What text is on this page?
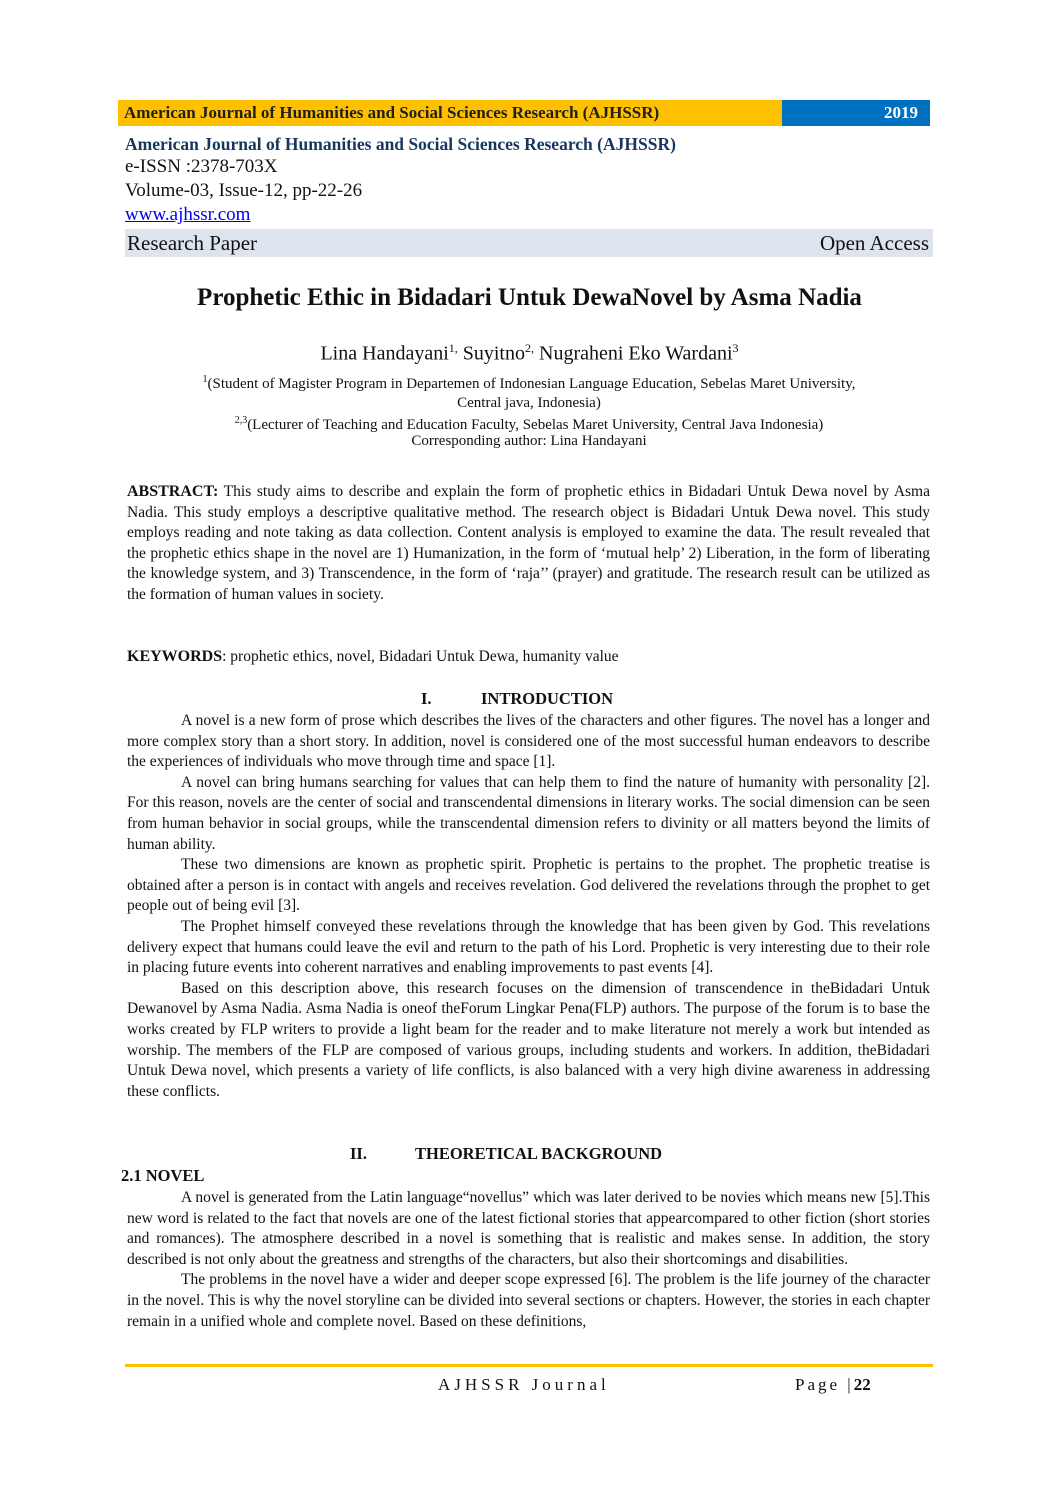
American Journal of Humanities and Social Sciences Research (AJHSSR)	2019
American Journal of Humanities and Social Sciences Research (AJHSSR)
e-ISSN :2378-703X
Volume-03, Issue-12, pp-22-26
www.ajhssr.com
Research Paper	Open Access
Prophetic Ethic in Bidadari Untuk DewaNovel by Asma Nadia
Lina Handayani$^{1,}$ Suyitno$^{2,}$ Nugraheni Eko Wardani$^3$
$^1$(Student of Magister Program in Departemen of Indonesian Language Education, Sebelas Maret University,
Central java, Indonesia)
$^{2,3}$(Lecturer of Teaching and Education Faculty, Sebelas Maret University, Central Java Indonesia)
Corresponding author: Lina Handayani
ABSTRACT: This study aims to describe and explain the form of prophetic ethics in Bidadari Untuk Dewa novel by Asma Nadia. This study employs a descriptive qualitative method. The research object is Bidadari Untuk Dewa novel. This study employs reading and note taking as data collection. Content analysis is employed to examine the data. The result revealed that the prophetic ethics shape in the novel are 1) Humanization, in the form of ‘mutual help’ 2) Liberation, in the form of liberating the knowledge system, and 3) Transcendence, in the form of ‘raja’’ (prayer) and gratitude. The research result can be utilized as the formation of human values in society.
KEYWORDS: prophetic ethics, novel, Bidadari Untuk Dewa, humanity value
I.	INTRODUCTION

A novel is a new form of prose which describes the lives of the characters and other figures. The novel has a longer and more complex story than a short story. In addition, novel is considered one of the most successful human endeavors to describe the experiences of individuals who move through time and space [1].

A novel can bring humans searching for values that can help them to find the nature of humanity with personality [2]. For this reason, novels are the center of social and transcendental dimensions in literary works. The social dimension can be seen from human behavior in social groups, while the transcendental dimension refers to divinity or all matters beyond the limits of human ability.

These two dimensions are known as prophetic spirit. Prophetic is pertains to the prophet. The prophetic treatise is obtained after a person is in contact with angels and receives revelation. God delivered the revelations through the prophet to get people out of being evil [3].

The Prophet himself conveyed these revelations through the knowledge that has been given by God. This revelations delivery expect that humans could leave the evil and return to the path of his Lord. Prophetic is very interesting due to their role in placing future events into coherent narratives and enabling improvements to past events [4].

Based on this description above, this research focuses on the dimension of transcendence in theBidadari Untuk Dewanovel by Asma Nadia. Asma Nadia is oneof theForum Lingkar Pena(FLP) authors. The purpose of the forum is to base the works created by FLP writers to provide a light beam for the reader and to make literature not merely a work but intended as worship. The members of the FLP are composed of various groups, including students and workers. In addition, theBidadari Untuk Dewa novel, which presents a variety of life conflicts, is also balanced with a very high divine awareness in addressing these conflicts.

II.	THEORETICAL BACKGROUND
2.1 NOVEL

A novel is generated from the Latin language“novellus” which was later derived to be novies which means new [5].This new word is related to the fact that novels are one of the latest fictional stories that appearcompared to other fiction (short stories and romances). The atmosphere described in a novel is something that is realistic and makes sense. In addition, the story described is not only about the greatness and strengths of the characters, but also their shortcomings and disabilities.

The problems in the novel have a wider and deeper scope expressed [6]. The problem is the life journey of the character in the novel. This is why the novel storyline can be divided into several sections or chapters. However, the stories in each chapter remain in a unified whole and complete novel. Based on these definitions,

AJHSSR Journal	Page |22
